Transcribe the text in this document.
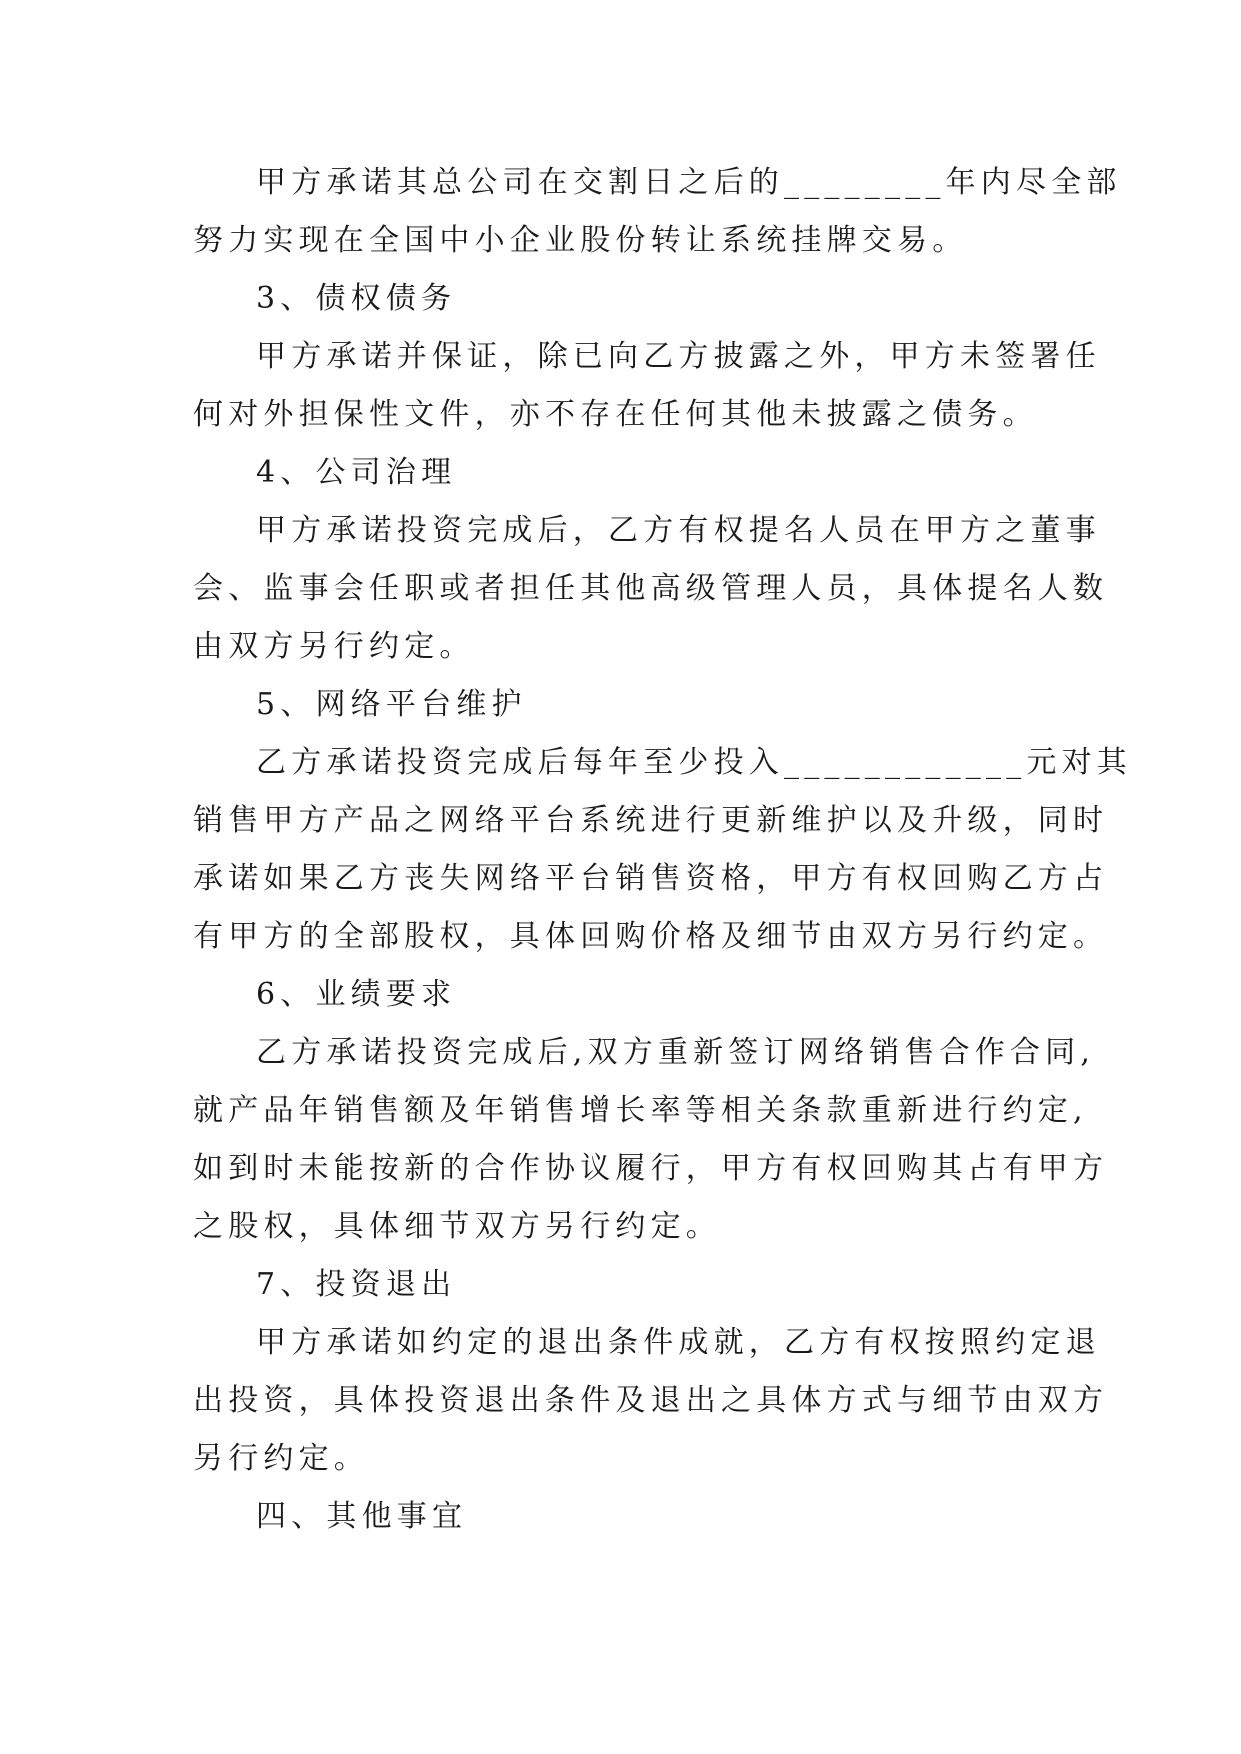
甲方承诺其总公司在交割日之后的________年内尽全部
努力实现在全国中小企业股份转让系统挂牌交易。
3、债权债务
甲方承诺并保证，除已向乙方披露之外，甲方未签署任
何对外担保性文件，亦不存在任何其他未披露之债务。
4、公司治理
甲方承诺投资完成后，乙方有权提名人员在甲方之董事
会、监事会任职或者担任其他高级管理人员，具体提名人数
由双方另行约定。
5、网络平台维护
乙方承诺投资完成后每年至少投入____________元对其
销售甲方产品之网络平台系统进行更新维护以及升级，同时
承诺如果乙方丧失网络平台销售资格，甲方有权回购乙方占
有甲方的全部股权，具体回购价格及细节由双方另行约定。
6、业绩要求
乙方承诺投资完成后,双方重新签订网络销售合作合同,
就产品年销售额及年销售增长率等相关条款重新进行约定,
如到时未能按新的合作协议履行，甲方有权回购其占有甲方
之股权，具体细节双方另行约定。
7、投资退出
甲方承诺如约定的退出条件成就，乙方有权按照约定退
出投资，具体投资退出条件及退出之具体方式与细节由双方
另行约定。
四、其他事宜
